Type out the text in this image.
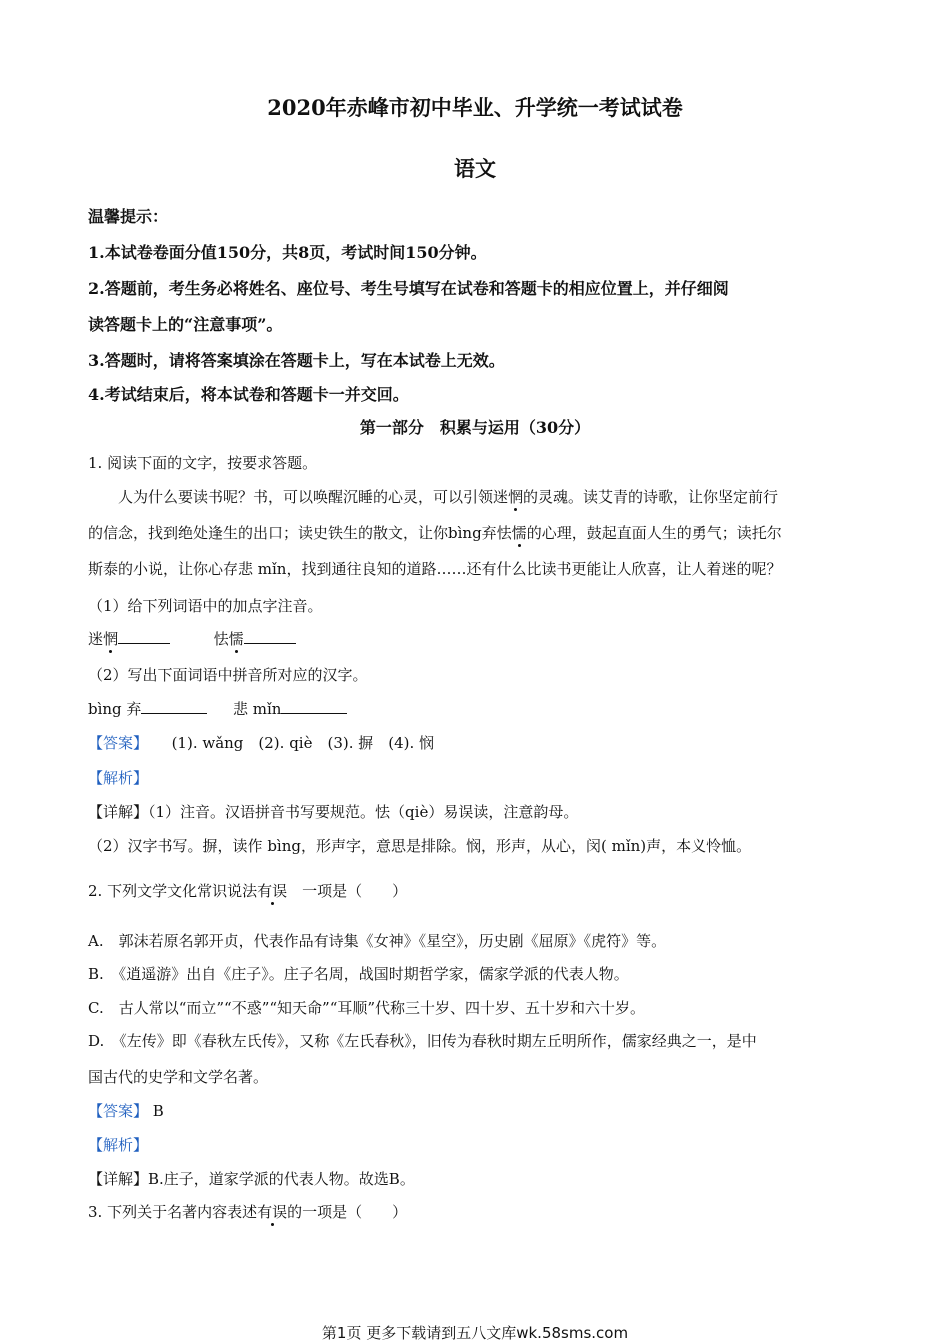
2020年赤峰市初中毕业、升学统一考试试卷
语文
温馨提示：
1.本试卷卷面分值150分，共8页，考试时间150分钟。
2.答题前，考生务必将姓名、座位号、考生号填写在试卷和答题卡的相应位置上，并仔细阅
读答题卡上的“注意事项”。
3.答题时，请将答案填涂在答题卡上，写在本试卷上无效。
4.考试结束后，将本试卷和答题卡一并交回。
第一部分　积累与运用（30分）
1. 阅读下面的文字，按要求答题。
人为什么要读书呢？书，可以唤醒沉睡的心灵，可以引领迷惘的灵魂。读艾青的诗歌，让你坚定前行
的信念，找到绝处逢生的出口；读史铁生的散文，让你bìng弃怯懦的心理，鼓起直面人生的勇气；读托尔
斯泰的小说，让你心存悲 mǐn，找到通往良知的道路……还有什么比读书更能让人欣喜，让人着迷的呢？
（1）给下列词语中的加点字注音。
迷惘	怯懦
（2）写出下面词语中拼音所对应的汉字。
bìng 弃	悲 mǐn
【答案】 (1). wǎng　(2). qiè　(3). 摒　(4). 悯
【解析】
【详解】（1）注音。汉语拼音书写要规范。怯（qiè）易误读，注意韵母。
（2）汉字书写。摒，读作 bìng，形声字，意思是排除。悯，形声，从心，闵( mǐn)声，本义怜恤。
2. 下列文学文化常识说法有误　一项是（　　）
A.　郭沫若原名郭开贞，代表作品有诗集《女神》《星空》，历史剧《屈原》《虎符》等。
B.　《逍遥游》出自《庄子》。庄子名周，战国时期哲学家，儒家学派的代表人物。
C.　古人常以“而立”“不惑”“知天命”“耳顺”代称三十岁、四十岁、五十岁和六十岁。
D.　《左传》即《春秋左氏传》，又称《左氏春秋》，旧传为春秋时期左丘明所作，儒家经典之一，是中
国古代的史学和文学名著。
【答案】 B
【解析】
【详解】B.庄子，道家学派的代表人物。故选B。
3. 下列关于名著内容表述有误的一项是（　　）
第1页 更多下载请到五八文库wk.58sms.com
